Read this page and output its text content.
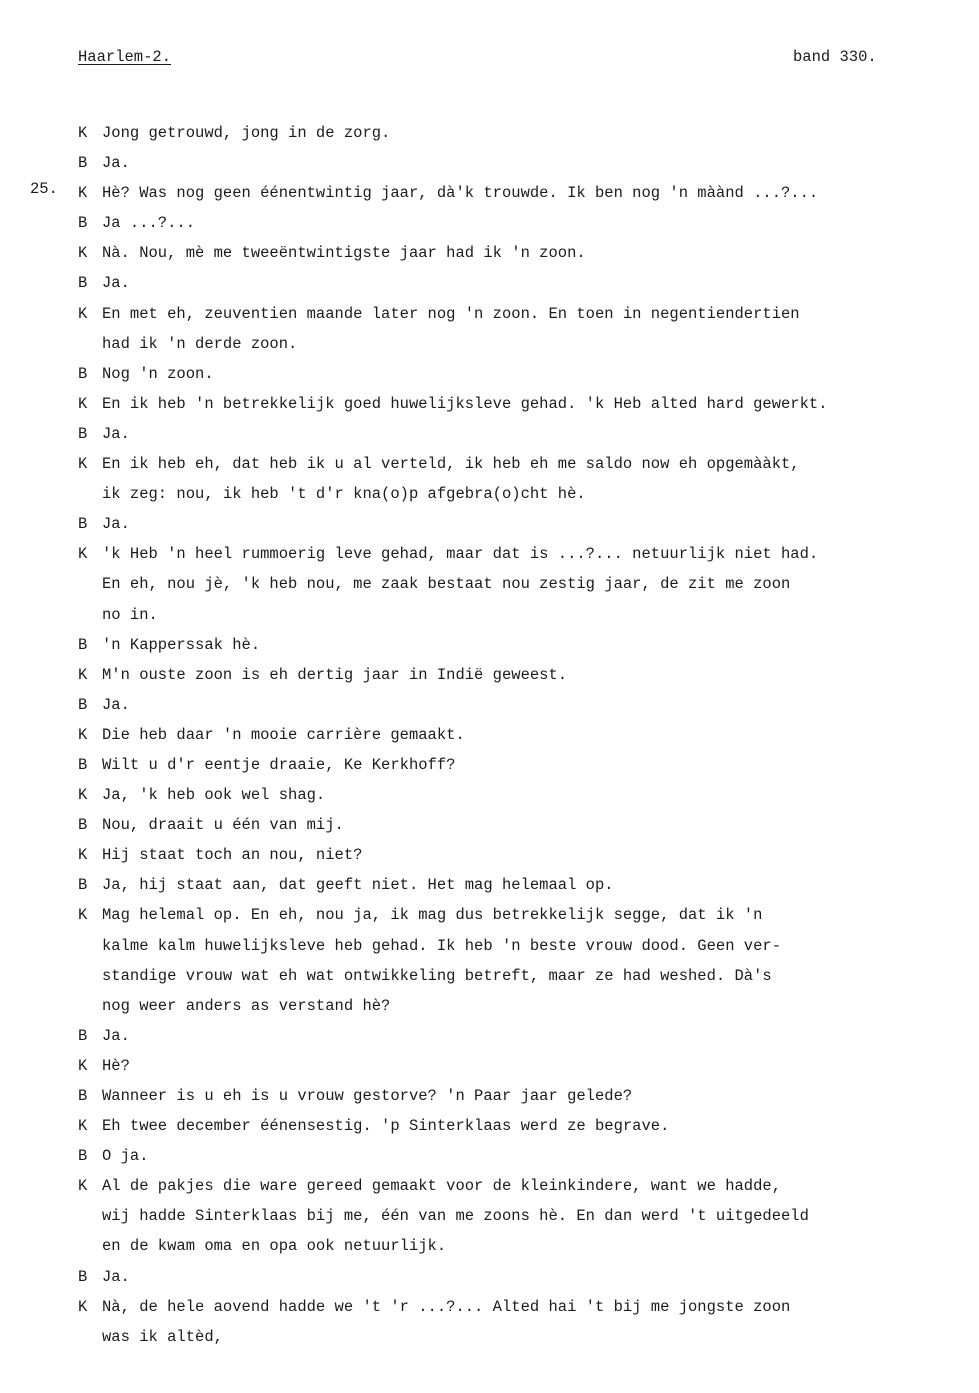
Haarlem-2.	band 330.
25.
K Jong getrouwd, jong in de zorg.
B Ja.
K Hè? Was nog geen éénentwintig jaar, dà'k trouwde. Ik ben nog 'n màànd ...?...
B Ja ...?...
K Nà. Nou, mè me tweeëntwintigste jaar had ik 'n zoon.
B Ja.
K En met eh, zeuventien maande later nog 'n zoon. En toen in negentiendertien
had ik 'n derde zoon.
B Nog 'n zoon.
K En ik heb 'n betrekkelijk goed huwelijksleve gehad. 'k Heb alted hard gewerkt.
B Ja.
K En ik heb eh, dat heb ik u al verteld, ik heb eh me saldo now eh opgemààkt,
ik zeg: nou, ik heb 't d'r kna(o)p afgebra(o)cht hè.
B Ja.
K 'k Heb 'n heel rummoerig leve gehad, maar dat is ...?... netuurlijk niet had.
En eh, nou jè, 'k heb nou, me zaak bestaat nou zestig jaar, de zit me zoon
no in.
B 'n Kapperssak hè.
K M'n ouste zoon is eh dertig jaar in Indië geweest.
B Ja.
K Die heb daar 'n mooie carrière gemaakt.
B Wilt u d'r eentje draaie, Ke Kerkhoff?
K Ja, 'k heb ook wel shag.
B Nou, draait u één van mij.
K Hij staat toch an nou, niet?
B Ja, hij staat aan, dat geeft niet. Het mag helemaal op.
K Mag helemal op. En eh, nou ja, ik mag dus betrekkelijk segge, dat ik 'n
kalme kalm huwelijksleve heb gehad. Ik heb 'n beste vrouw dood. Geen ver-
standige vrouw wat eh wat ontwikkeling betreft, maar ze had weshed. Dà's
nog weer anders as verstand hè?
B Ja.
K Hè?
B Wanneer is u eh is u vrouw gestorve? 'n Paar jaar gelede?
K Eh twee december éénensestig. 'p Sinterklaas werd ze begrave.
B O ja.
K Al de pakjes die ware gereed gemaakt voor de kleinkindere, want we hadde,
wij hadde Sinterklaas bij me, één van me zoons hè. En dan werd 't uitgedeeld
en de kwam oma en opa ook netuurlijk.
B Ja.
K Nà, de hele aovend hadde we 't 'r ...?... Alted hai 't bij me jongste zoon
was ik altèd,
